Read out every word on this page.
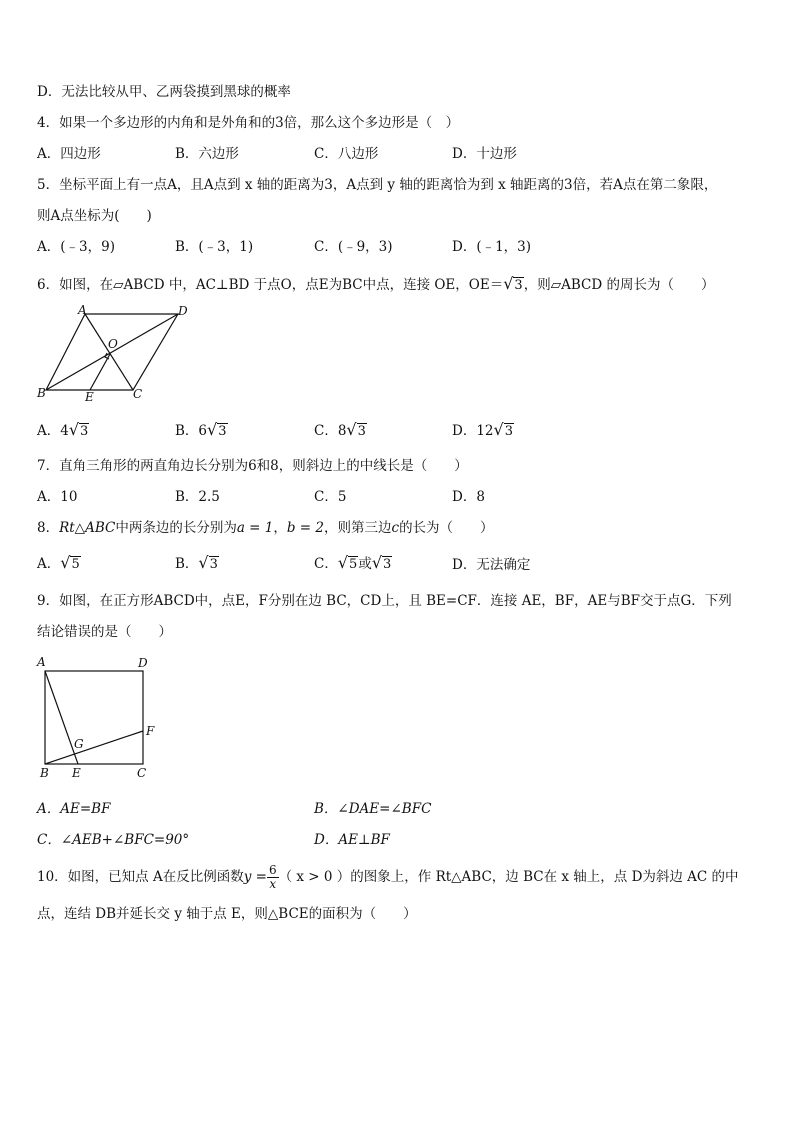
D．无法比较从甲、乙两袋摸到黑球的概率
4．如果一个多边形的内角和是外角和的3倍，那么这个多边形是（　）
A．四边形	B．六边形	C．八边形	D．十边形
5．坐标平面上有一点A，且A点到 x 轴的距离为3，A点到 y 轴的距离恰为到 x 轴距离的3倍，若A点在第二象限，
则A点坐标为(　　)
A．(﹣3，9)	B．(﹣3，1)	C．(﹣9，3)	D．(﹣1，3)
6．如图，在▱ABCD 中，AC⊥BD 于点O，点E为BC中点，连接 OE，OE＝√3，则▱ABCD 的周长为（　　）
A	D
O
B	E	C
A．4√3	B．6√3	C．8√3	D．12√3
7．直角三角形的两直角边长分别为6和8，则斜边上的中线长是（　　）
A．10	B．2.5	C．5	D．8
8．Rt△ABC中两条边的长分别为a = 1，b = 2，则第三边c的长为（　　）
A．√5	B．√3	C．√5或√3	D．无法确定
9．如图，在正方形ABCD中，点E，F分别在边 BC，CD上，且 BE=CF．连接 AE，BF，AE与BF交于点G．下列
结论错误的是（　　）
A	D
F
G
B E	C
A．AE=BF	B．∠DAE=∠BFC
C．∠AEB+∠BFC=90°	D．AE⊥BF
10．如图，已知点 A在反比例函数$y = \frac{6}{x}$ （ x > 0 ）的图象上，作 Rt△ABC，边 BC在 x 轴上，点 D为斜边 AC 的中
点，连结 DB并延长交 y 轴于点 E，则△BCE的面积为（　　）
